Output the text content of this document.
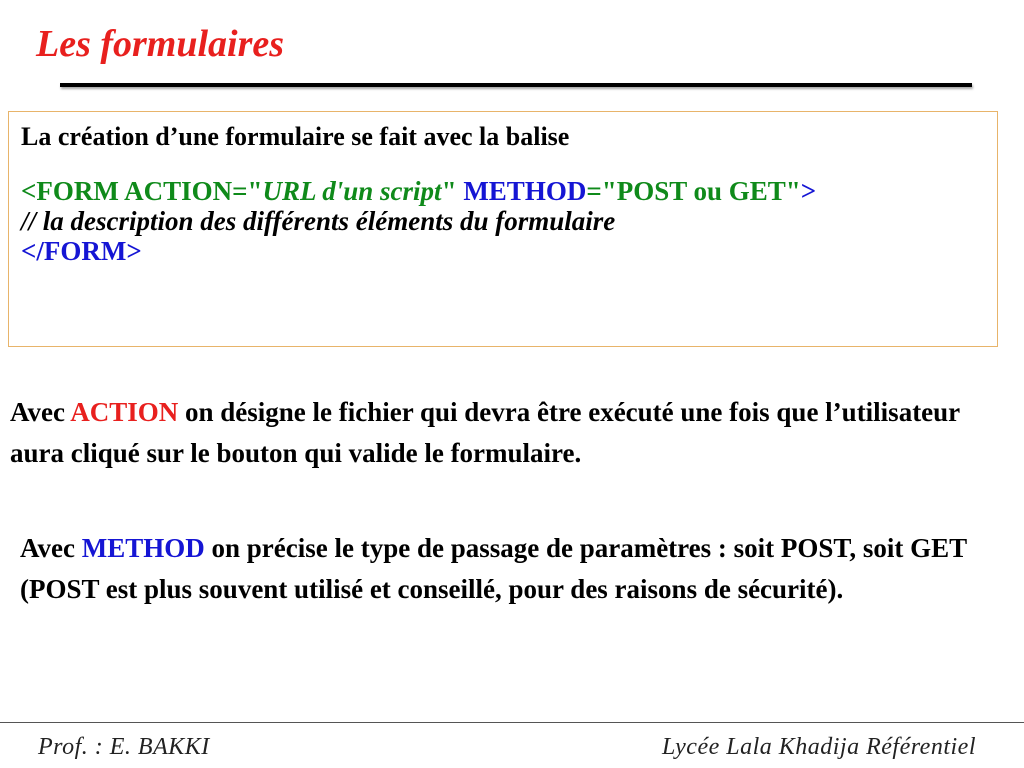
Les formulaires

La création d’une formulaire se fait avec la balise

<FORM ACTION="URL d'un script" METHOD="POST ou GET">

// la description des différents éléments du formulaire

</FORM>

Avec ACTION on désigne le fichier qui devra être exécuté une fois que l’utilisateur aura cliqué sur le bouton qui valide le formulaire.

Avec METHOD on précise le type de passage de paramètres : soit POST, soit GET (POST est plus souvent utilisé et conseillé, pour des raisons de sécurité).

Prof. : E. BAKKI	Lycée Lala Khadija Référentiel
